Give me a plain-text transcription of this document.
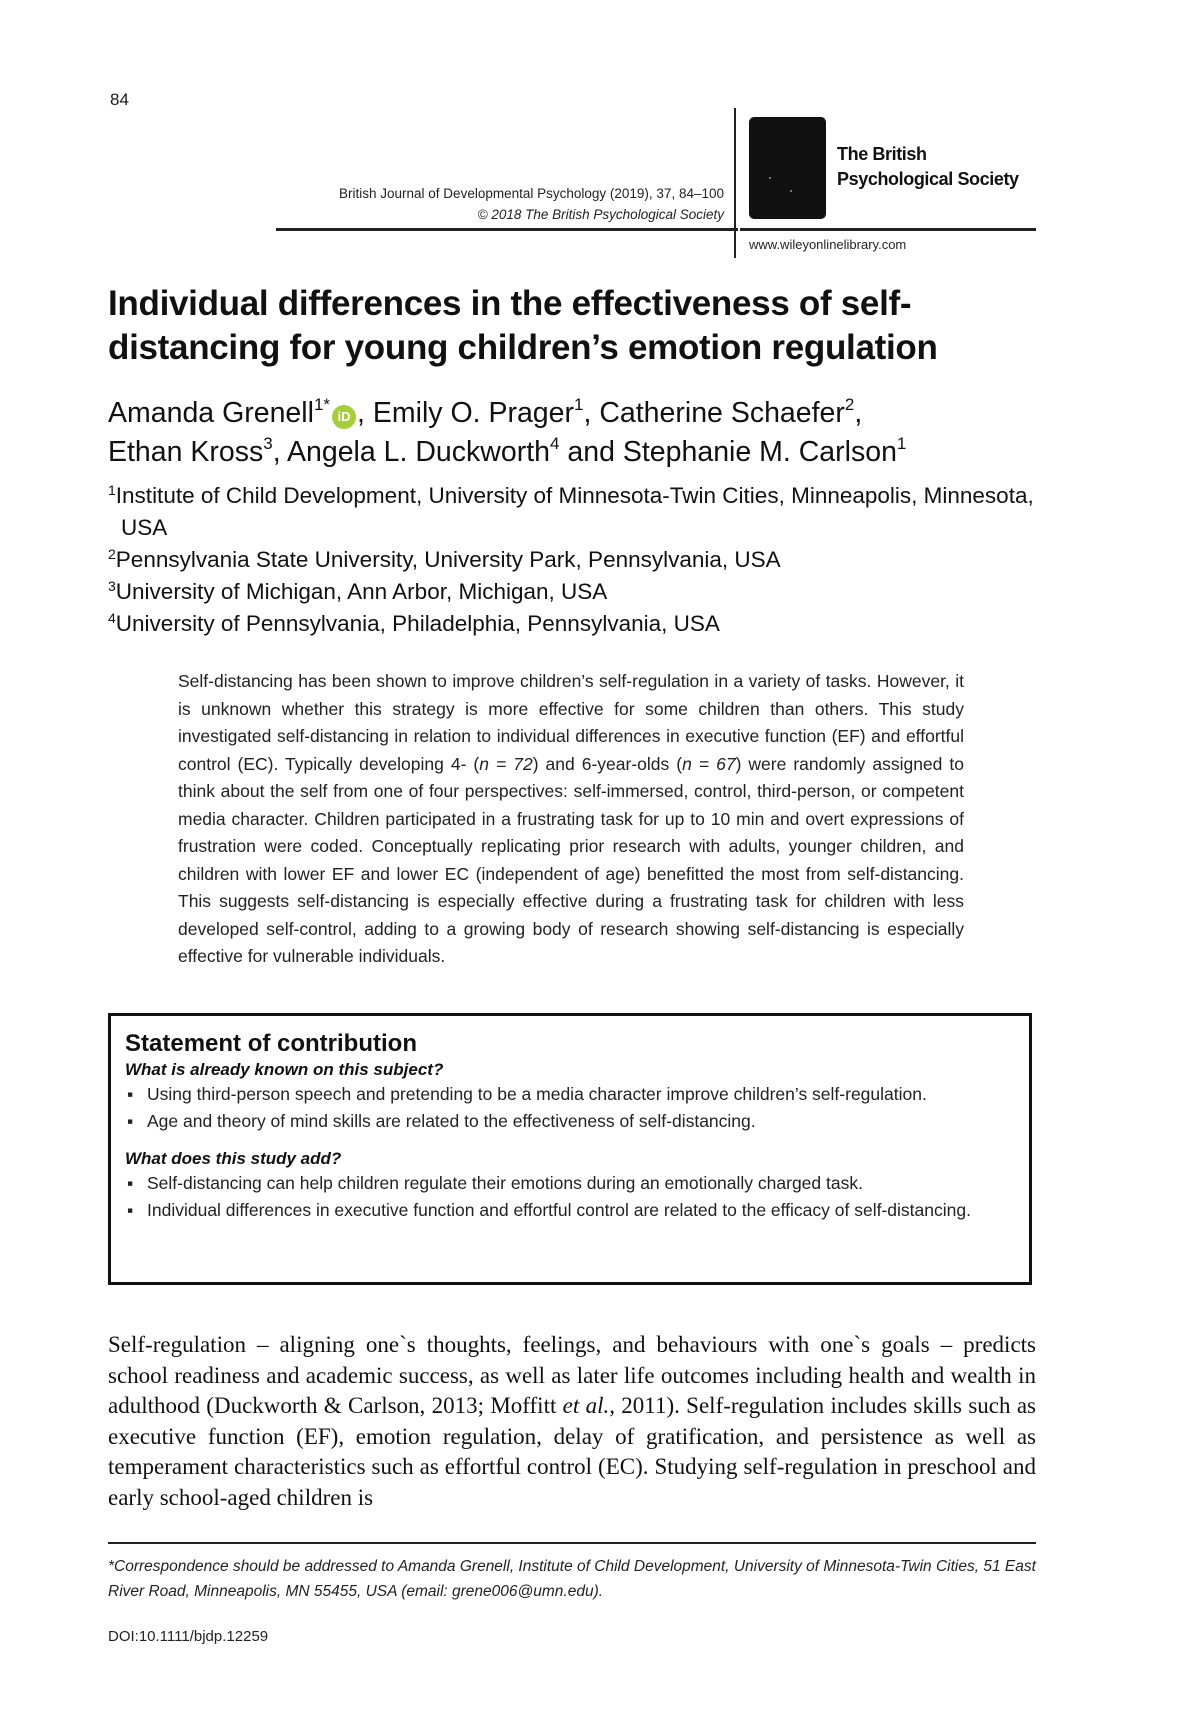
84
British Journal of Developmental Psychology (2019), 37, 84–100
© 2018 The British Psychological Society
The British
Psychological Society
www.wileyonlinelibrary.com
Individual differences in the effectiveness of self-distancing for young children’s emotion regulation
Amanda Grenell$^{1*}$iD , Emily O. Prager$^1$, Catherine Schaefer$^2$,
Ethan Kross$^3$, Angela L. Duckworth$^4$ and Stephanie M. Carlson$^1$

$^1$Institute of Child Development, University of Minnesota-Twin Cities, Minneapolis, Minnesota, USA

$^2$Pennsylvania State University, University Park, Pennsylvania, USA

$^3$University of Michigan, Ann Arbor, Michigan, USA

$^4$University of Pennsylvania, Philadelphia, Pennsylvania, USA

Self-distancing has been shown to improve children’s self-regulation in a variety of tasks. However, it is unknown whether this strategy is more effective for some children than others. This study investigated self-distancing in relation to individual differences in executive function (EF) and effortful control (EC). Typically developing 4- (n = 72) and 6-year-olds (n = 67) were randomly assigned to think about the self from one of four perspectives: self-immersed, control, third-person, or competent media character. Children participated in a frustrating task for up to 10 min and overt expressions of frustration were coded. Conceptually replicating prior research with adults, younger children, and children with lower EF and lower EC (independent of age) benefitted the most from self-distancing. This suggests self-distancing is especially effective during a frustrating task for children with less developed self-control, adding to a growing body of research showing self-distancing is especially effective for vulnerable individuals.

Statement of contribution

What is already known on this subject?

▪ Using third-person speech and pretending to be a media character improve children’s self-regulation.
▪ Age and theory of mind skills are related to the effectiveness of self-distancing.

What does this study add?

▪ Self-distancing can help children regulate their emotions during an emotionally charged task.
▪ Individual differences in executive function and effortful control are related to the efficacy of self-distancing.

Self-regulation – aligning one`s thoughts, feelings, and behaviours with one`s goals – predicts school readiness and academic success, as well as later life outcomes including health and wealth in adulthood (Duckworth & Carlson, 2013; Moffitt et al., 2011). Self-regulation includes skills such as executive function (EF), emotion regulation, delay of gratification, and persistence as well as temperament characteristics such as effortful control (EC). Studying self-regulation in preschool and early school-aged children is

*Correspondence should be addressed to Amanda Grenell, Institute of Child Development, University of Minnesota-Twin Cities, 51 East River Road, Minneapolis, MN 55455, USA (email: grene006@umn.edu).

DOI:10.1111/bjdp.12259
